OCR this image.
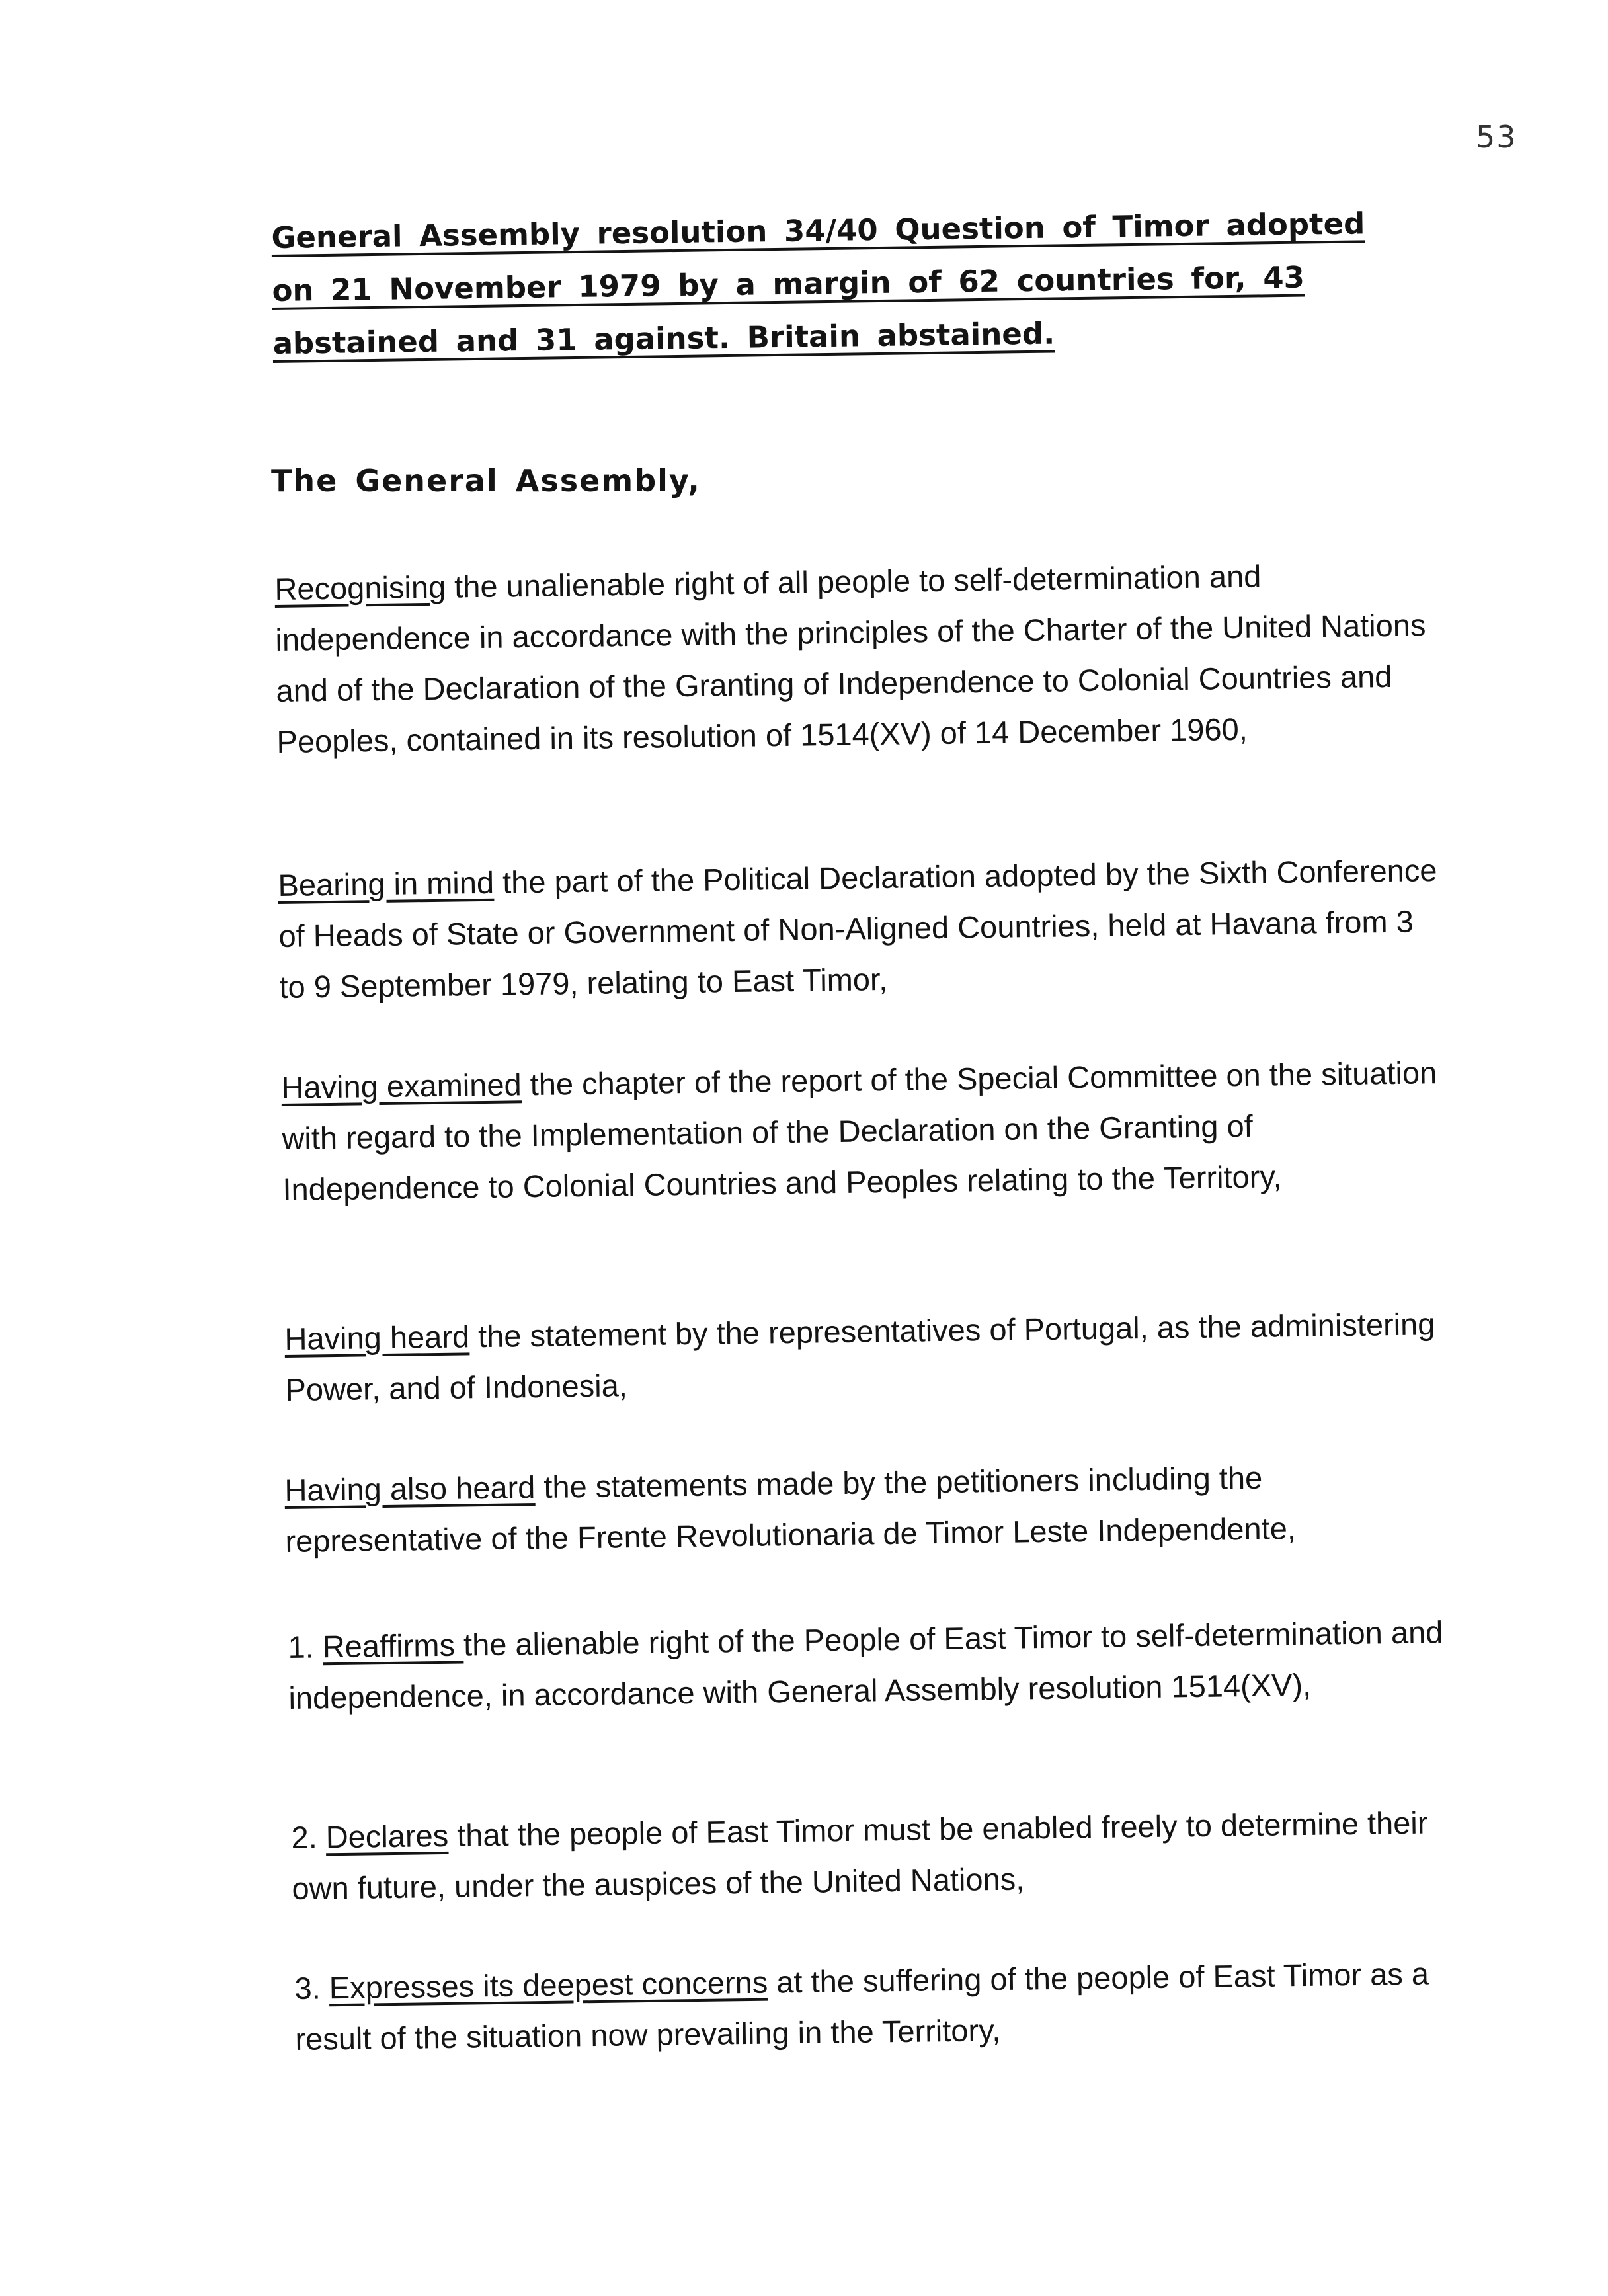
53
General Assembly resolution 34/40 Question of Timor adopted on 21 November 1979 by a margin of 62 countries for, 43 abstained and 31 against. Britain abstained.
The General Assembly,
Recognising the unalienable right of all people to self-determination and independence in accordance with the principles of the Charter of the United Nations and of the Declaration of the Granting of Independence to Colonial Countries and Peoples, contained in its resolution of 1514(XV) of 14 December 1960,
Bearing in mind the part of the Political Declaration adopted by the Sixth Conference of Heads of State or Government of Non-Aligned Countries, held at Havana from 3 to 9 September 1979, relating to East Timor,
Having examined the chapter of the report of the Special Committee on the situation with regard to the Implementation of the Declaration on the Granting of Independence to Colonial Countries and Peoples relating to the Territory,
Having heard the statement by the representatives of Portugal, as the administering Power, and of Indonesia,
Having also heard the statements made by the petitioners including the representative of the Frente Revolutionaria de Timor Leste Independente,
1. Reaffirms the alienable right of the People of East Timor to self-determination and independence, in accordance with General Assembly resolution 1514(XV),
2. Declares that the people of East Timor must be enabled freely to determine their own future, under the auspices of the United Nations,
3. Expresses its deepest concerns at the suffering of the people of East Timor as a result of the situation now prevailing in the Territory,
